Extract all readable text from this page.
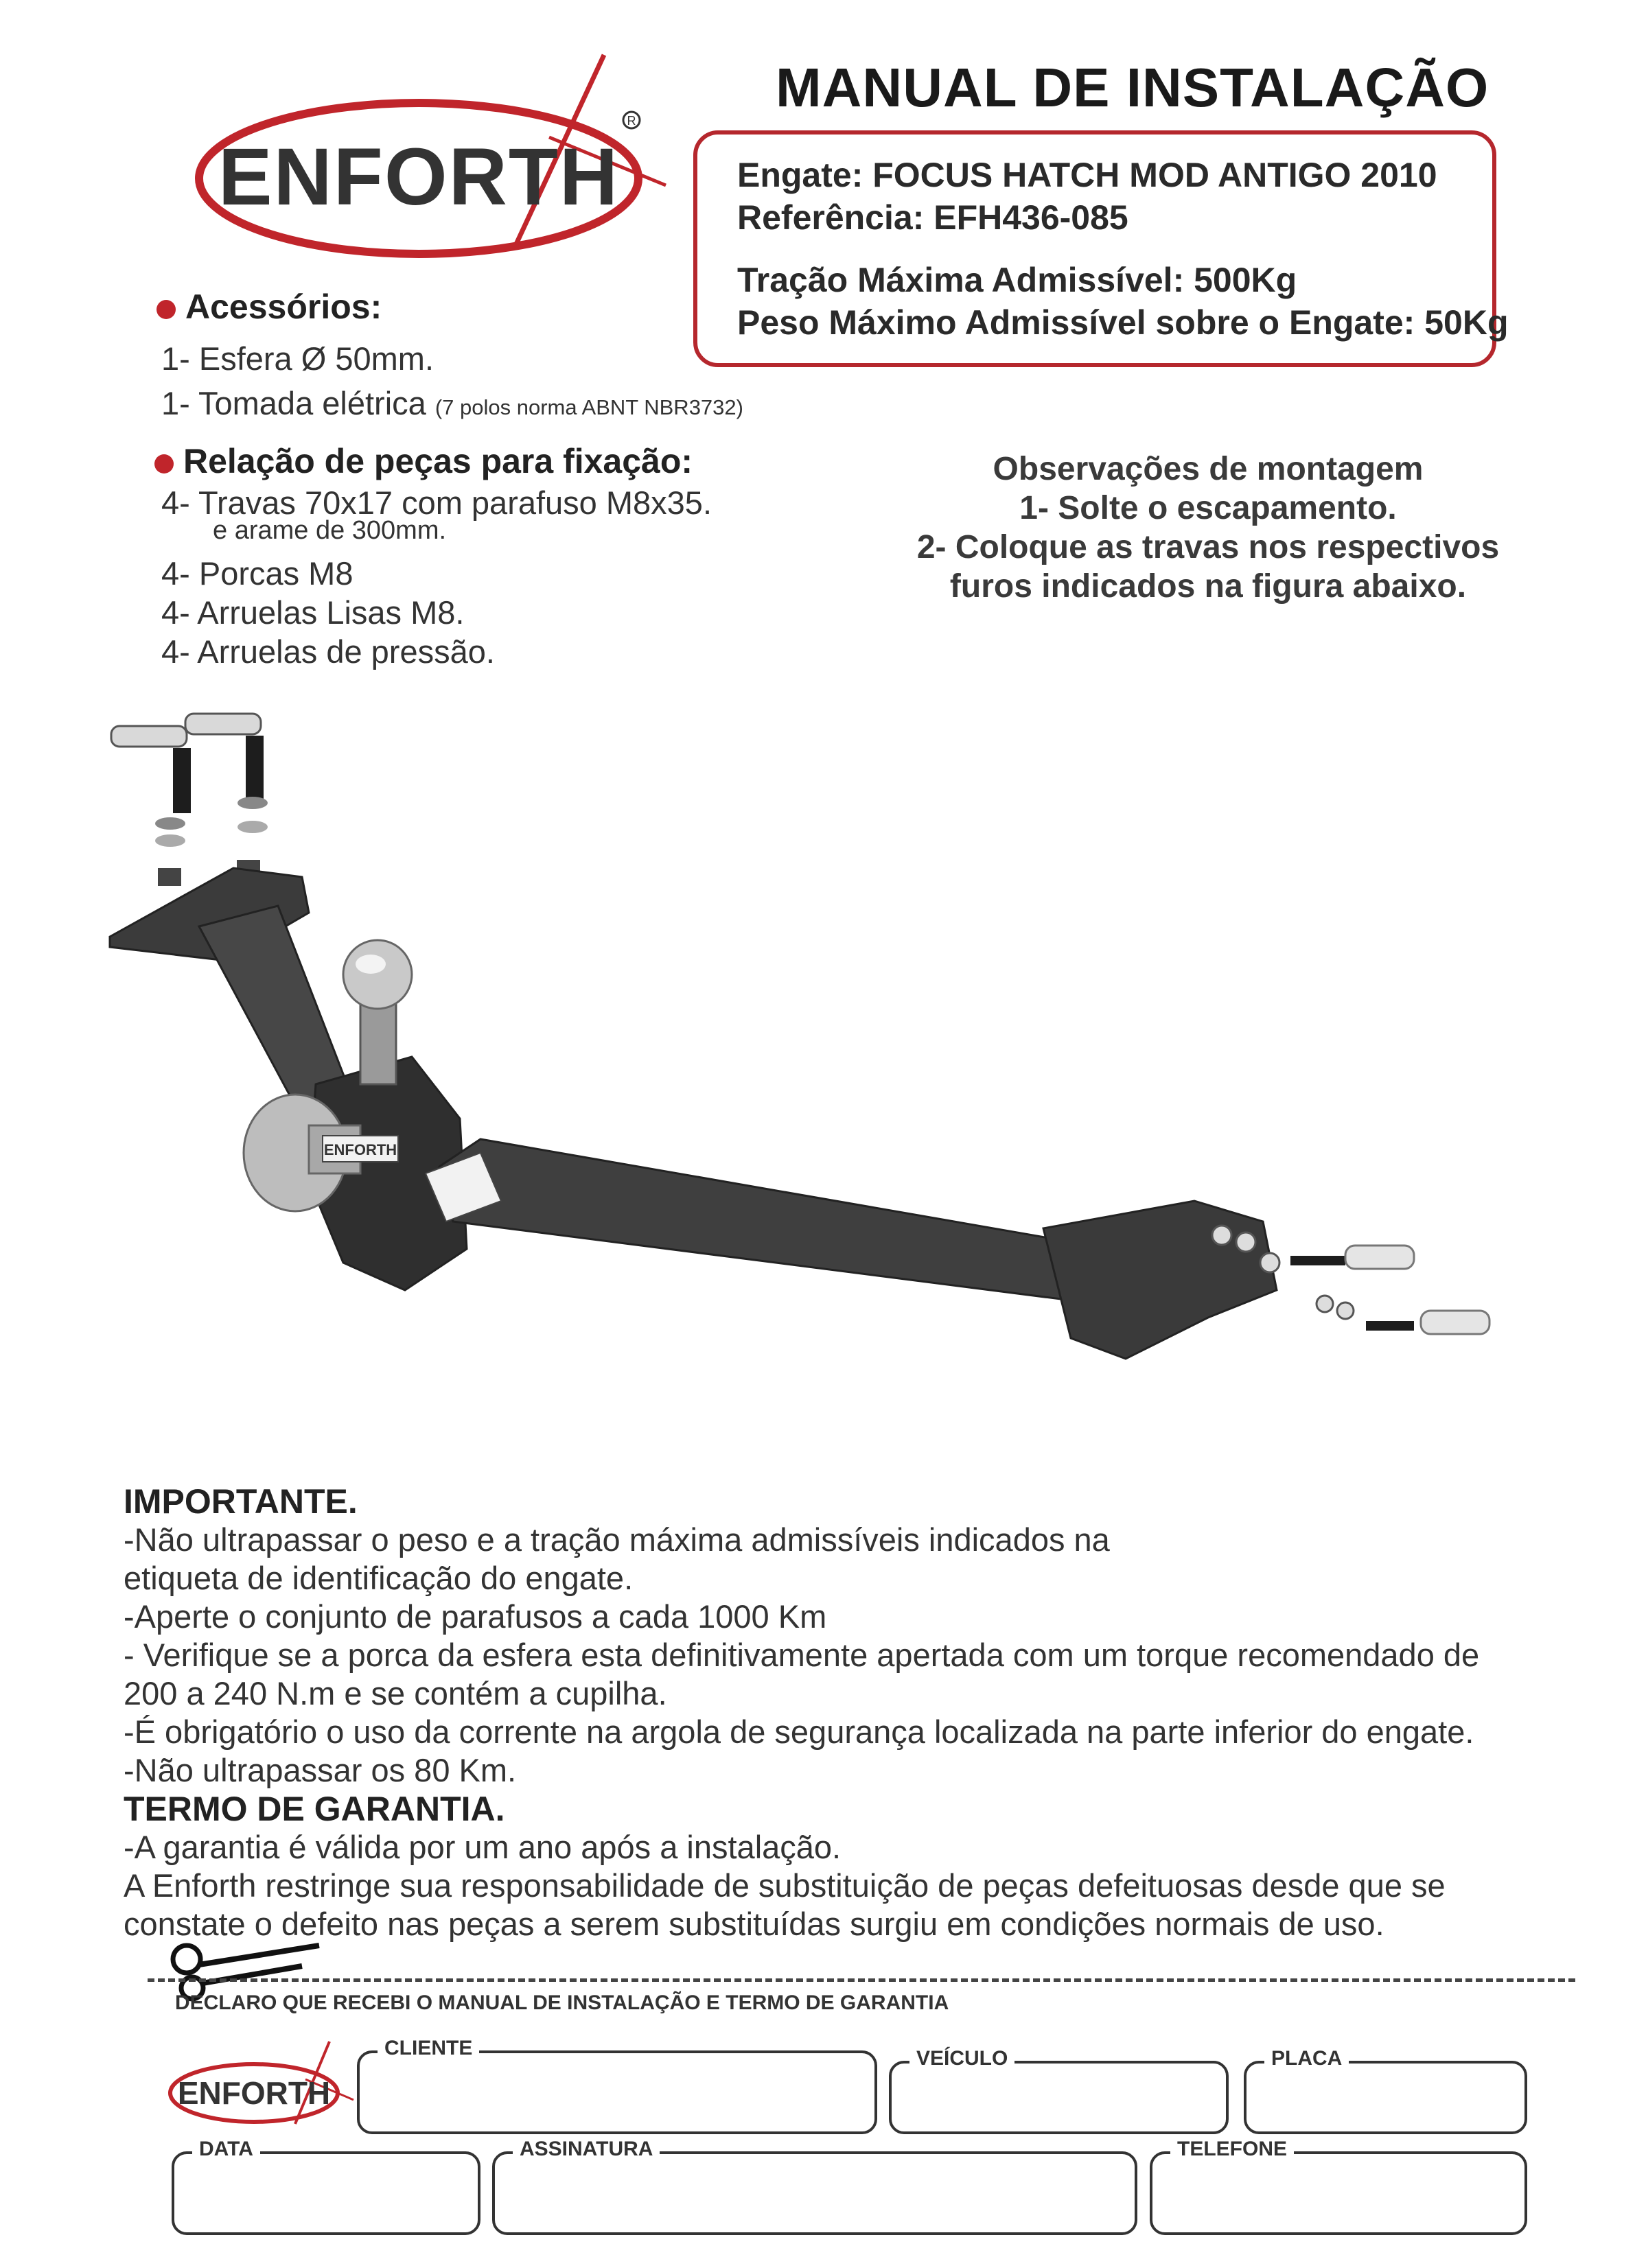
ENFORTH
R
MANUAL DE INSTALAÇÃO
Engate: FOCUS HATCH MOD ANTIGO 2010
Referência: EFH436-085
Tração Máxima Admissível: 500Kg
Peso Máximo Admissível sobre o Engate: 50Kg
Acessórios:
1- Esfera Ø 50mm.
1- Tomada elétrica (7 polos norma ABNT NBR3732)
Relação de peças para fixação:
4- Travas 70x17 com parafuso M8x35.
e arame de 300mm.
4- Porcas M8
4- Arruelas Lisas M8.
4- Arruelas de pressão.
Observações de montagem
1- Solte o escapamento.
2- Coloque as travas nos respectivos
furos indicados na figura abaixo.
ENFORTH

IMPORTANTE.

-Não ultrapassar o peso e a tração máxima admissíveis indicados na

etiqueta de identificação do engate.

-Aperte o conjunto de parafusos a cada 1000 Km

- Verifique se a porca da esfera esta definitivamente apertada com um torque recomendado de

200 a 240 N.m e se contém a cupilha.

-É obrigatório o uso da corrente na argola de segurança localizada na parte inferior do engate.

-Não ultrapassar os 80 Km.

TERMO DE GARANTIA.

-A garantia é válida por um ano após a instalação.

A Enforth restringe sua responsabilidade de substituição de peças defeituosas desde que se

constate o defeito nas peças a serem substituídas surgiu em condições normais de uso.

DECLARO QUE RECEBI O MANUAL DE INSTALAÇÃO E TERMO DE GARANTIA
ENFORTH
CLIENTE	VEÍCULO	PLACA
DATA	ASSINATURA	TELEFONE
